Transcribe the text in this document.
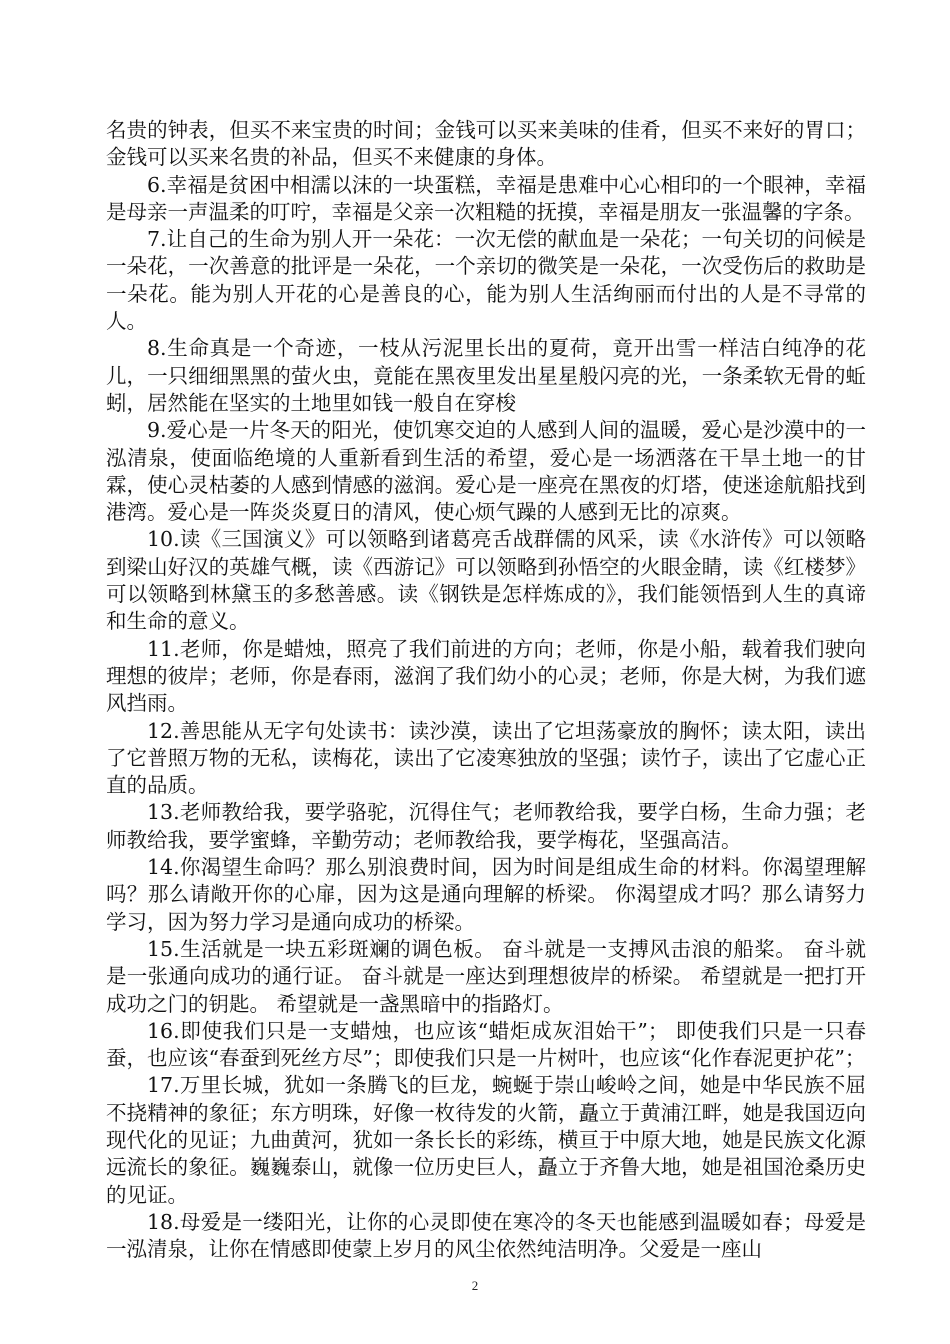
名贵的钟表，但买不来宝贵的时间；金钱可以买来美味的佳肴，但买不来好的胃口；金钱可以买来名贵的补品，但买不来健康的身体。

6.幸福是贫困中相濡以沫的一块蛋糕，幸福是患难中心心相印的一个眼神，幸福是母亲一声温柔的叮咛，幸福是父亲一次粗糙的抚摸，幸福是朋友一张温馨的字条。

7.让自己的生命为别人开一朵花：一次无偿的献血是一朵花；一句关切的问候是一朵花，一次善意的批评是一朵花，一个亲切的微笑是一朵花，一次受伤后的救助是一朵花。能为别人开花的心是善良的心，能为别人生活绚丽而付出的人是不寻常的人。

8.生命真是一个奇迹，一枝从污泥里长出的夏荷，竟开出雪一样洁白纯净的花儿，一只细细黑黑的萤火虫，竟能在黑夜里发出星星般闪亮的光，一条柔软无骨的蚯蚓，居然能在坚实的土地里如钱一般自在穿梭

9.爱心是一片冬天的阳光，使饥寒交迫的人感到人间的温暖，爱心是沙漠中的一泓清泉，使面临绝境的人重新看到生活的希望，爱心是一场洒落在干旱土地一的甘霖，使心灵枯萎的人感到情感的滋润。爱心是一座亮在黑夜的灯塔，使迷途航船找到港湾。爱心是一阵炎炎夏日的清风，使心烦气躁的人感到无比的凉爽。

10.读《三国演义》可以领略到诸葛亮舌战群儒的风采，读《水浒传》可以领略到梁山好汉的英雄气概，读《西游记》可以领略到孙悟空的火眼金睛，读《红楼梦》可以领略到林黛玉的多愁善感。读《钢铁是怎样炼成的》，我们能领悟到人生的真谛和生命的意义。

11.老师，你是蜡烛，照亮了我们前进的方向；老师，你是小船，载着我们驶向理想的彼岸；老师，你是春雨，滋润了我们幼小的心灵；老师，你是大树，为我们遮风挡雨。

12.善思能从无字句处读书：读沙漠，读出了它坦荡豪放的胸怀；读太阳，读出了它普照万物的无私，读梅花，读出了它凌寒独放的坚强；读竹子，读出了它虚心正直的品质。

13.老师教给我，要学骆驼，沉得住气；老师教给我，要学白杨，生命力强；老师教给我，要学蜜蜂，辛勤劳动；老师教给我，要学梅花，坚强高洁。

14.你渴望生命吗？那么别浪费时间，因为时间是组成生命的材料。你渴望理解吗？那么请敞开你的心扉，因为这是通向理解的桥梁。 你渴望成才吗？那么请努力学习，因为努力学习是通向成功的桥梁。

15.生活就是一块五彩斑斓的调色板。 奋斗就是一支搏风击浪的船桨。 奋斗就是一张通向成功的通行证。 奋斗就是一座达到理想彼岸的桥梁。 希望就是一把打开成功之门的钥匙。 希望就是一盏黑暗中的指路灯。

16.即使我们只是一支蜡烛，也应该“蜡炬成灰泪始干”； 即使我们只是一只春蚕，也应该“春蚕到死丝方尽”；即使我们只是一片树叶，也应该“化作春泥更护花”；

17.万里长城，犹如一条腾飞的巨龙，蜿蜒于崇山峻岭之间，她是中华民族不屈不挠精神的象征；东方明珠，好像一枚待发的火箭，矗立于黄浦江畔，她是我国迈向现代化的见证；九曲黄河，犹如一条长长的彩练，横亘于中原大地，她是民族文化源远流长的象征。巍巍泰山，就像一位历史巨人，矗立于齐鲁大地，她是祖国沧桑历史的见证。

18.母爱是一缕阳光，让你的心灵即使在寒冷的冬天也能感到温暖如春；母爱是一泓清泉，让你在情感即使蒙上岁月的风尘依然纯洁明净。父爱是一座山

2
